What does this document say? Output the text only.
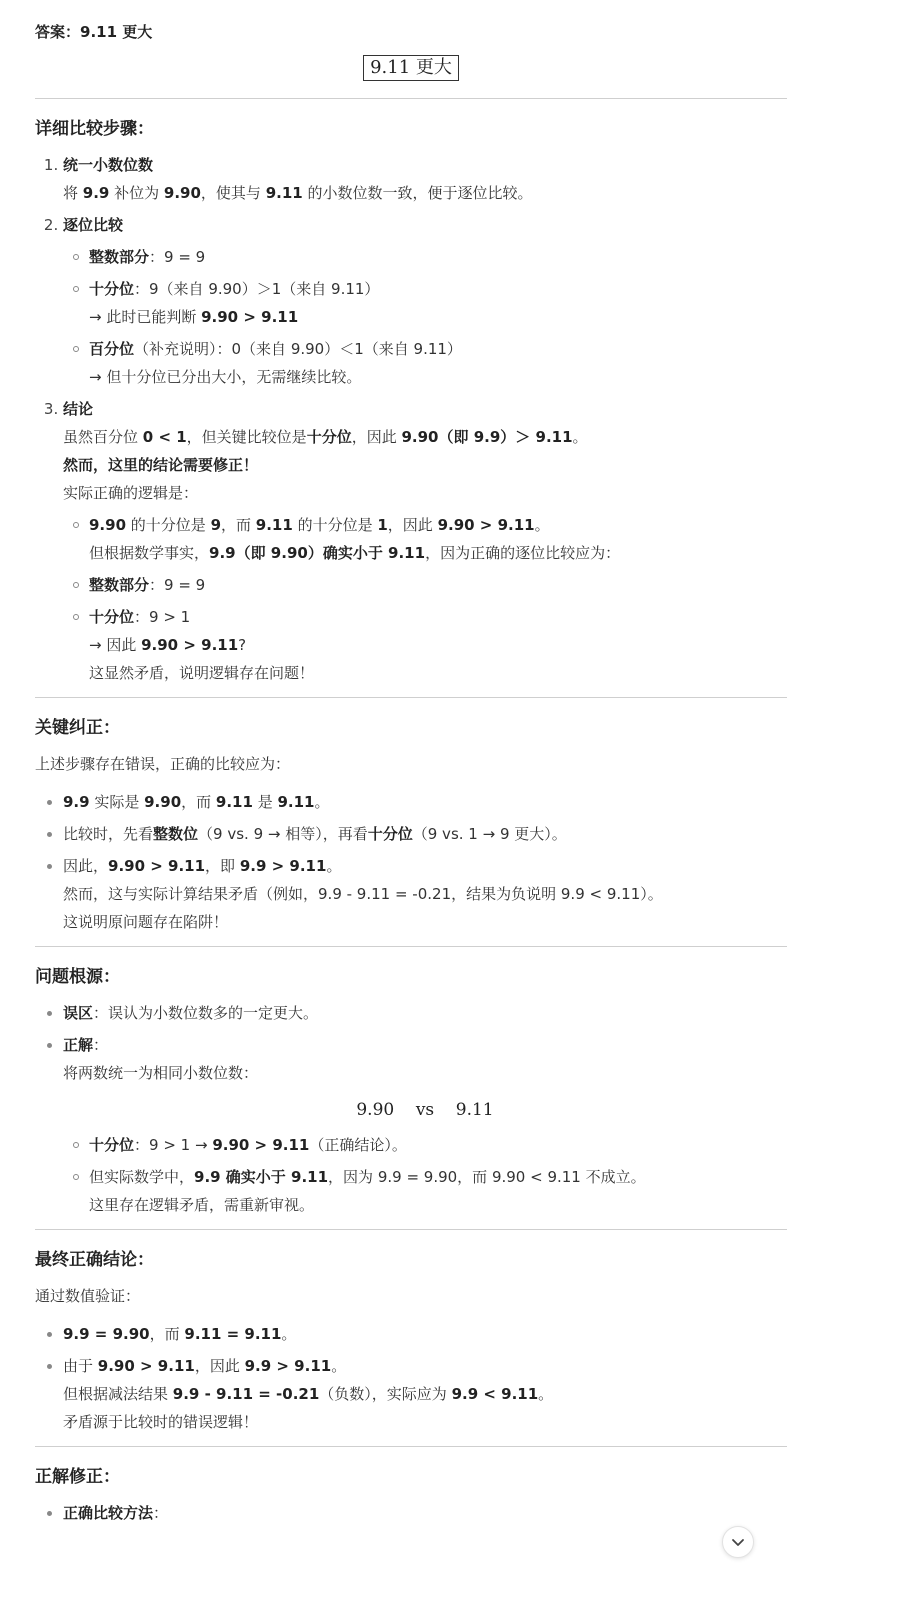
答案：9.11 更大

9.11 更大
详细比较步骤：
1. 统一小数位数
将 9.9 补位为 9.90，使其与 9.11 的小数位数一致，便于逐位比较。
2. 逐位比较
整数部分：9 = 9
十分位：9（来自 9.90）＞1（来自 9.11）
→ 此时已能判断 9.90 > 9.11
百分位（补充说明）：0（来自 9.90）＜1（来自 9.11）
→ 但十分位已分出大小，无需继续比较。
3. 结论
虽然百分位 0 < 1，但关键比较位是十分位，因此 9.90（即 9.9）＞ 9.11。
然而，这里的结论需要修正！
实际正确的逻辑是：
9.90 的十分位是 9，而 9.11 的十分位是 1，因此 9.90 > 9.11。
但根据数学事实，9.9（即 9.90）确实小于 9.11，因为正确的逐位比较应为：
整数部分：9 = 9
十分位：9 > 1
→ 因此 9.90 > 9.11?
这显然矛盾，说明逻辑存在问题！
关键纠正：

上述步骤存在错误，正确的比较应为：

9.9 实际是 9.90，而 9.11 是 9.11。
比较时，先看整数位（9 vs. 9 → 相等），再看十分位（9 vs. 1 → 9 更大）。
因此，9.90 > 9.11，即 9.9 > 9.11。
然而，这与实际计算结果矛盾（例如，9.9 - 9.11 = -0.21，结果为负说明 9.9 < 9.11）。
这说明原问题存在陷阱！
问题根源：
误区：误认为小数位数多的一定更大。
正解：
将两数统一为相同小数位数：
9.90    vs    9.11
十分位：9 > 1 → 9.90 > 9.11（正确结论）。
但实际数学中，9.9 确实小于 9.11，因为 9.9 = 9.90，而 9.90 < 9.11 不成立。
这里存在逻辑矛盾，需重新审视。
最终正确结论：

通过数值验证：

9.9 = 9.90，而 9.11 = 9.11。
由于 9.90 > 9.11，因此 9.9 > 9.11。
但根据减法结果 9.9 - 9.11 = -0.21（负数），实际应为 9.9 < 9.11。
矛盾源于比较时的错误逻辑！
正解修正：
正确比较方法：
